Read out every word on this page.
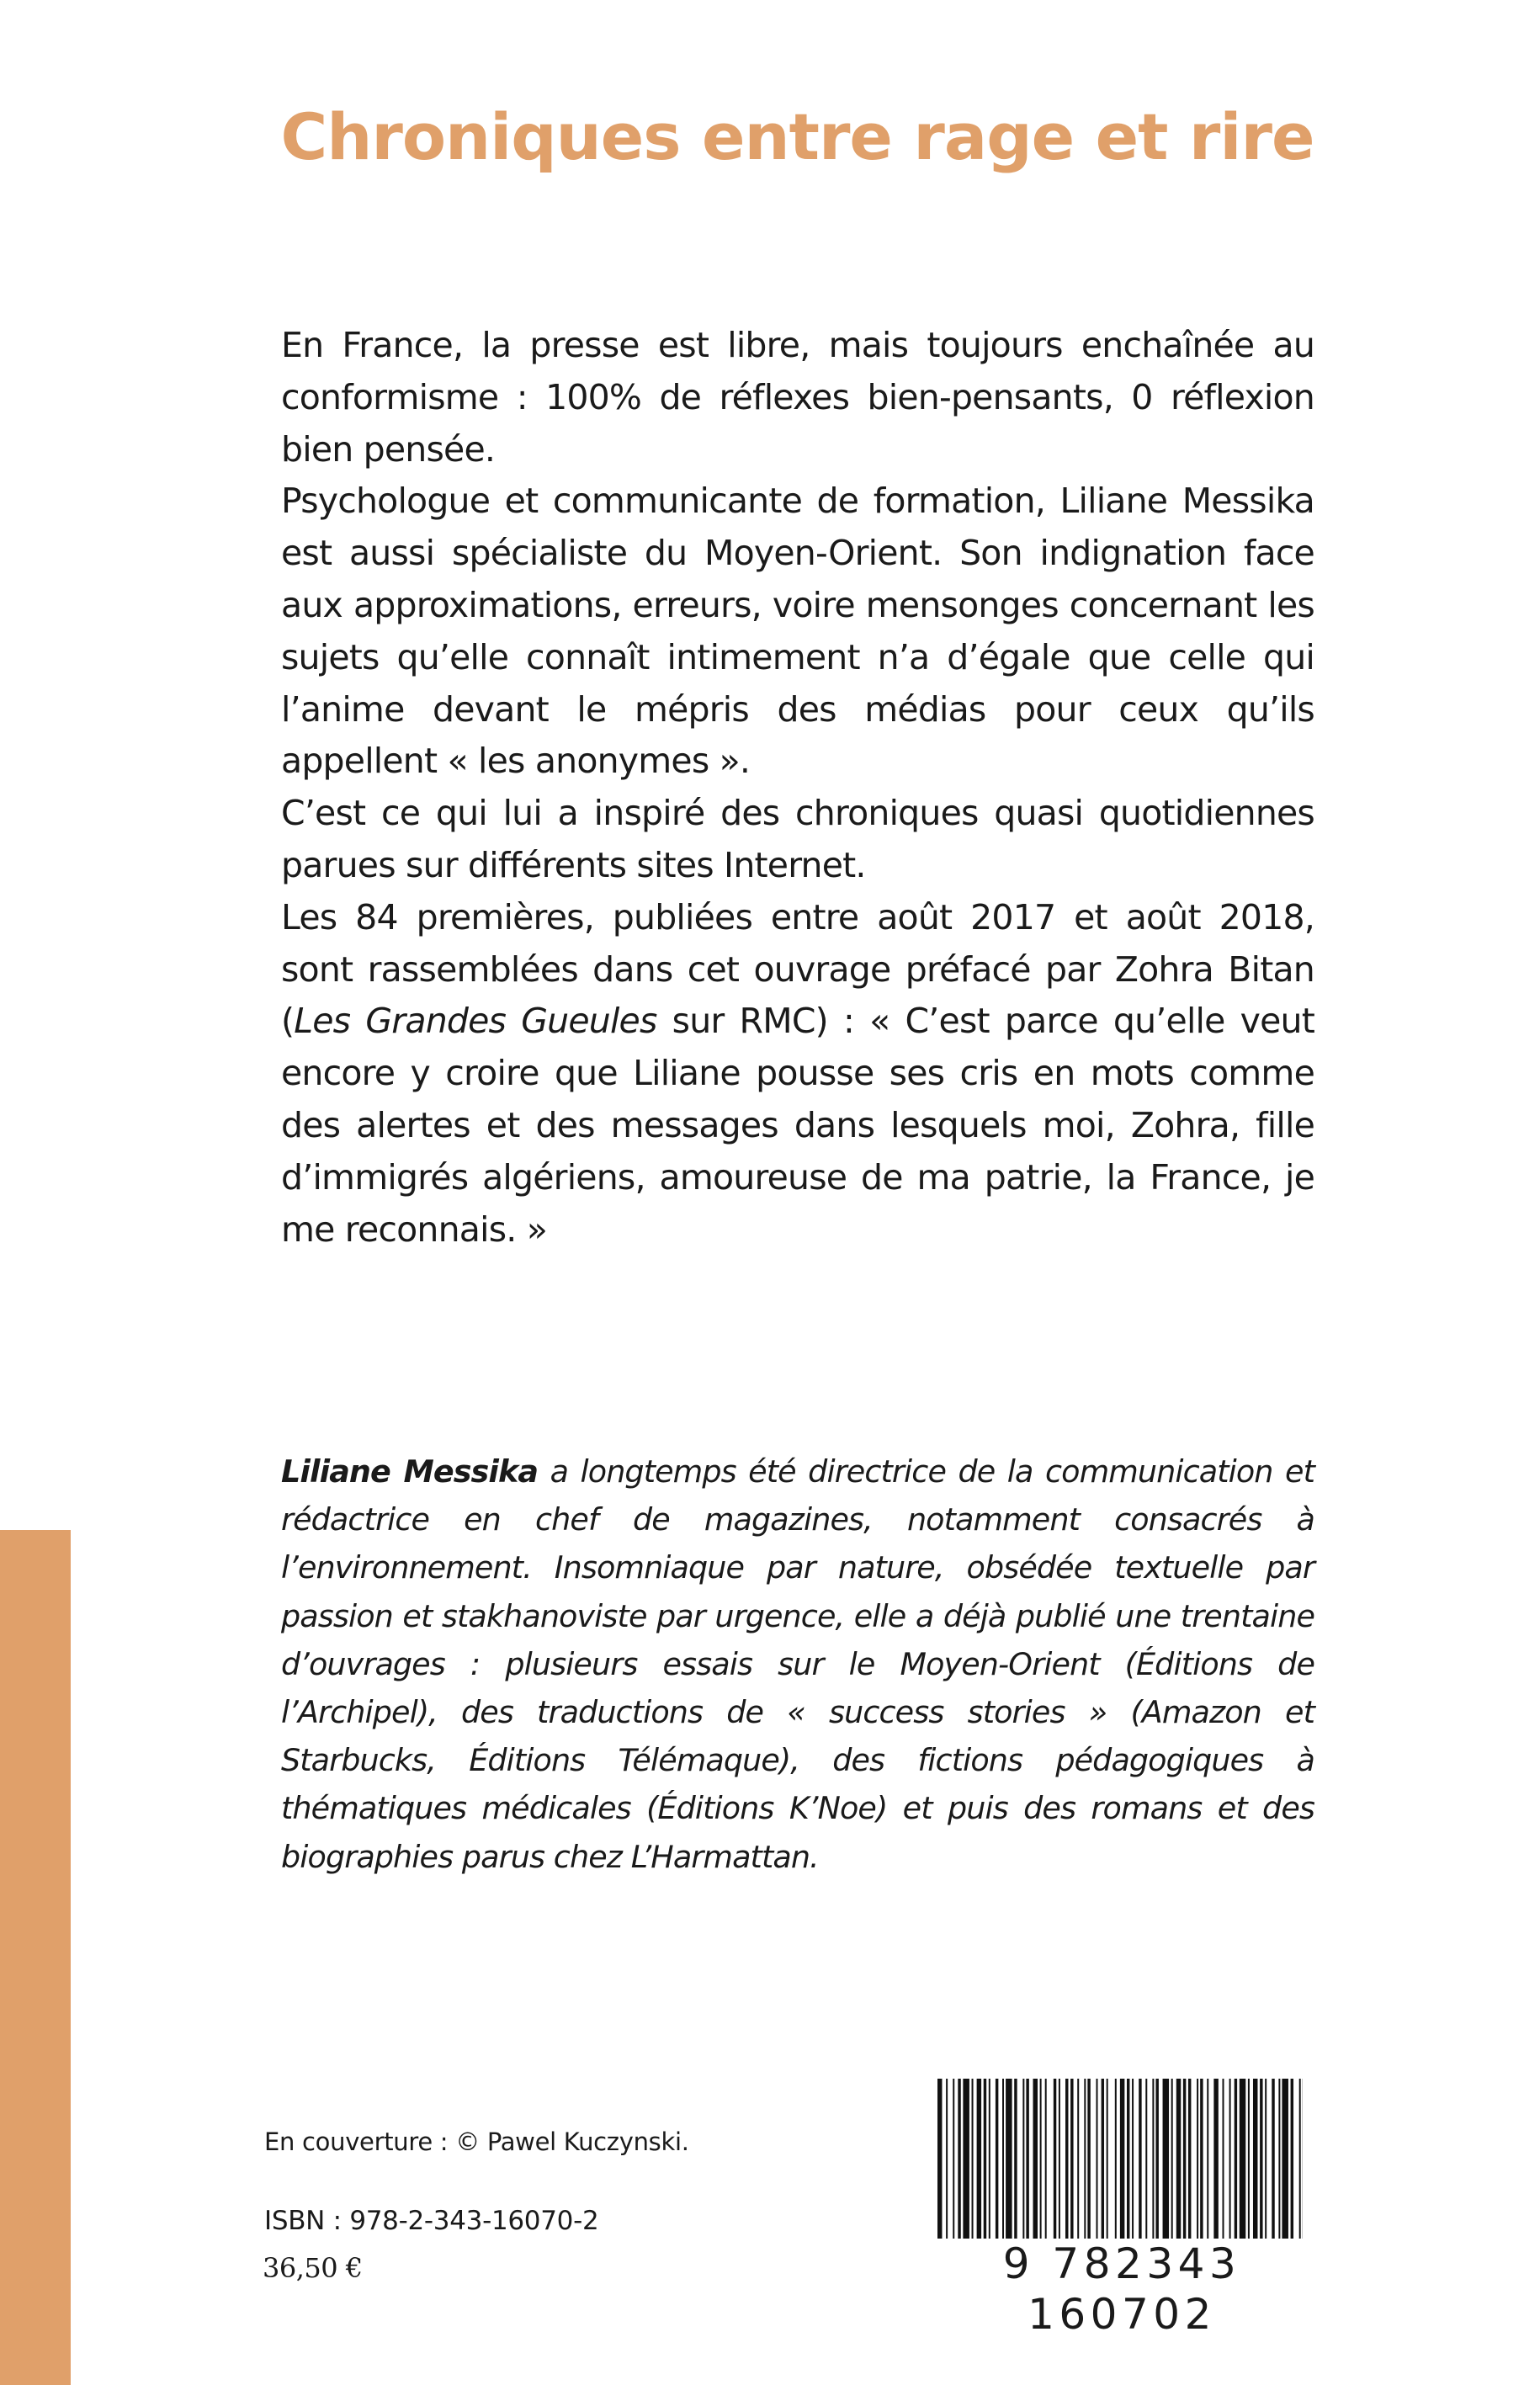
Chroniques entre rage et rire

En France, la presse est libre, mais toujours enchaînée au conformisme : 100% de réflexes bien-pensants, 0 réflexion bien pensée.

Psychologue et communicante de formation, Liliane Messika est aussi spécialiste du Moyen-Orient. Son indignation face aux approximations, erreurs, voire mensonges concernant les sujets qu’elle connaît intimement n’a d’égale que celle qui l’anime devant le mépris des médias pour ceux qu’ils appellent « les anonymes ».

C’est ce qui lui a inspiré des chroniques quasi quotidiennes parues sur différents sites Internet.

Les 84 premières, publiées entre août 2017 et août 2018, sont rassemblées dans cet ouvrage préfacé par Zohra Bitan (Les Grandes Gueules sur RMC) : « C’est parce qu’elle veut encore y croire que Liliane pousse ses cris en mots comme des alertes et des messages dans lesquels moi, Zohra, fille d’immigrés algériens, amoureuse de ma patrie, la France, je me reconnais. »

Liliane Messika a longtemps été directrice de la communication et rédactrice en chef de magazines, notamment consacrés à l’environnement. Insomniaque par nature, obsédée textuelle par passion et stakhanoviste par urgence, elle a déjà publié une trentaine d’ouvrages : plusieurs essais sur le Moyen-Orient (Éditions de l’Archipel), des traductions de « success stories » (Amazon et Starbucks, Éditions Télémaque), des fictions pédagogiques à thématiques médicales (Éditions K’Noe) et puis des romans et des biographies parus chez L’Harmattan.

En couverture : © Pawel Kuczynski.

ISBN : 978-2-343-16070-2

36,50 €	9 782343 160702
